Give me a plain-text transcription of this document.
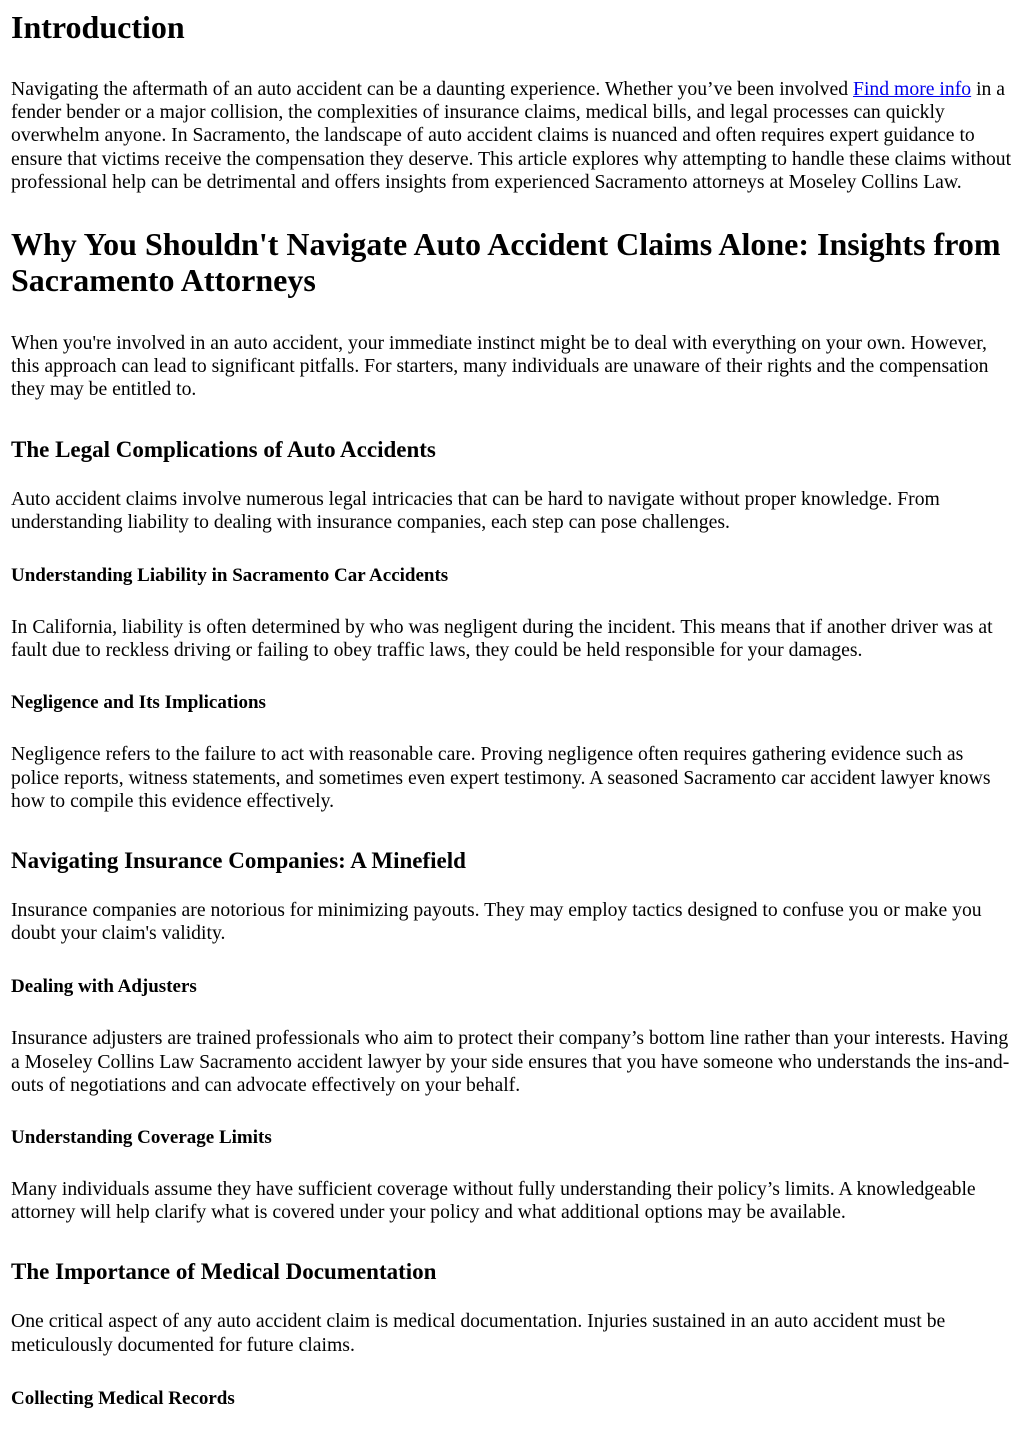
Introduction

Navigating the aftermath of an auto accident can be a daunting experience. Whether you’ve been involved Find more info in a fender bender or a major collision, the complexities of insurance claims, medical bills, and legal processes can quickly overwhelm anyone. In Sacramento, the landscape of auto accident claims is nuanced and often requires expert guidance to ensure that victims receive the compensation they deserve. This article explores why attempting to handle these claims without professional help can be detrimental and offers insights from experienced Sacramento attorneys at Moseley Collins Law.

Why You Shouldn't Navigate Auto Accident Claims Alone: Insights from Sacramento Attorneys

When you're involved in an auto accident, your immediate instinct might be to deal with everything on your own. However, this approach can lead to significant pitfalls. For starters, many individuals are unaware of their rights and the compensation they may be entitled to.

The Legal Complications of Auto Accidents

Auto accident claims involve numerous legal intricacies that can be hard to navigate without proper knowledge. From understanding liability to dealing with insurance companies, each step can pose challenges.

Understanding Liability in Sacramento Car Accidents

In California, liability is often determined by who was negligent during the incident. This means that if another driver was at fault due to reckless driving or failing to obey traffic laws, they could be held responsible for your damages.

Negligence and Its Implications

Negligence refers to the failure to act with reasonable care. Proving negligence often requires gathering evidence such as police reports, witness statements, and sometimes even expert testimony. A seasoned Sacramento car accident lawyer knows how to compile this evidence effectively.

Navigating Insurance Companies: A Minefield

Insurance companies are notorious for minimizing payouts. They may employ tactics designed to confuse you or make you doubt your claim's validity.

Dealing with Adjusters

Insurance adjusters are trained professionals who aim to protect their company’s bottom line rather than your interests. Having a Moseley Collins Law Sacramento accident lawyer by your side ensures that you have someone who understands the ins-and-outs of negotiations and can advocate effectively on your behalf.

Understanding Coverage Limits

Many individuals assume they have sufficient coverage without fully understanding their policy’s limits. A knowledgeable attorney will help clarify what is covered under your policy and what additional options may be available.

The Importance of Medical Documentation

One critical aspect of any auto accident claim is medical documentation. Injuries sustained in an auto accident must be meticulously documented for future claims.

Collecting Medical Records
